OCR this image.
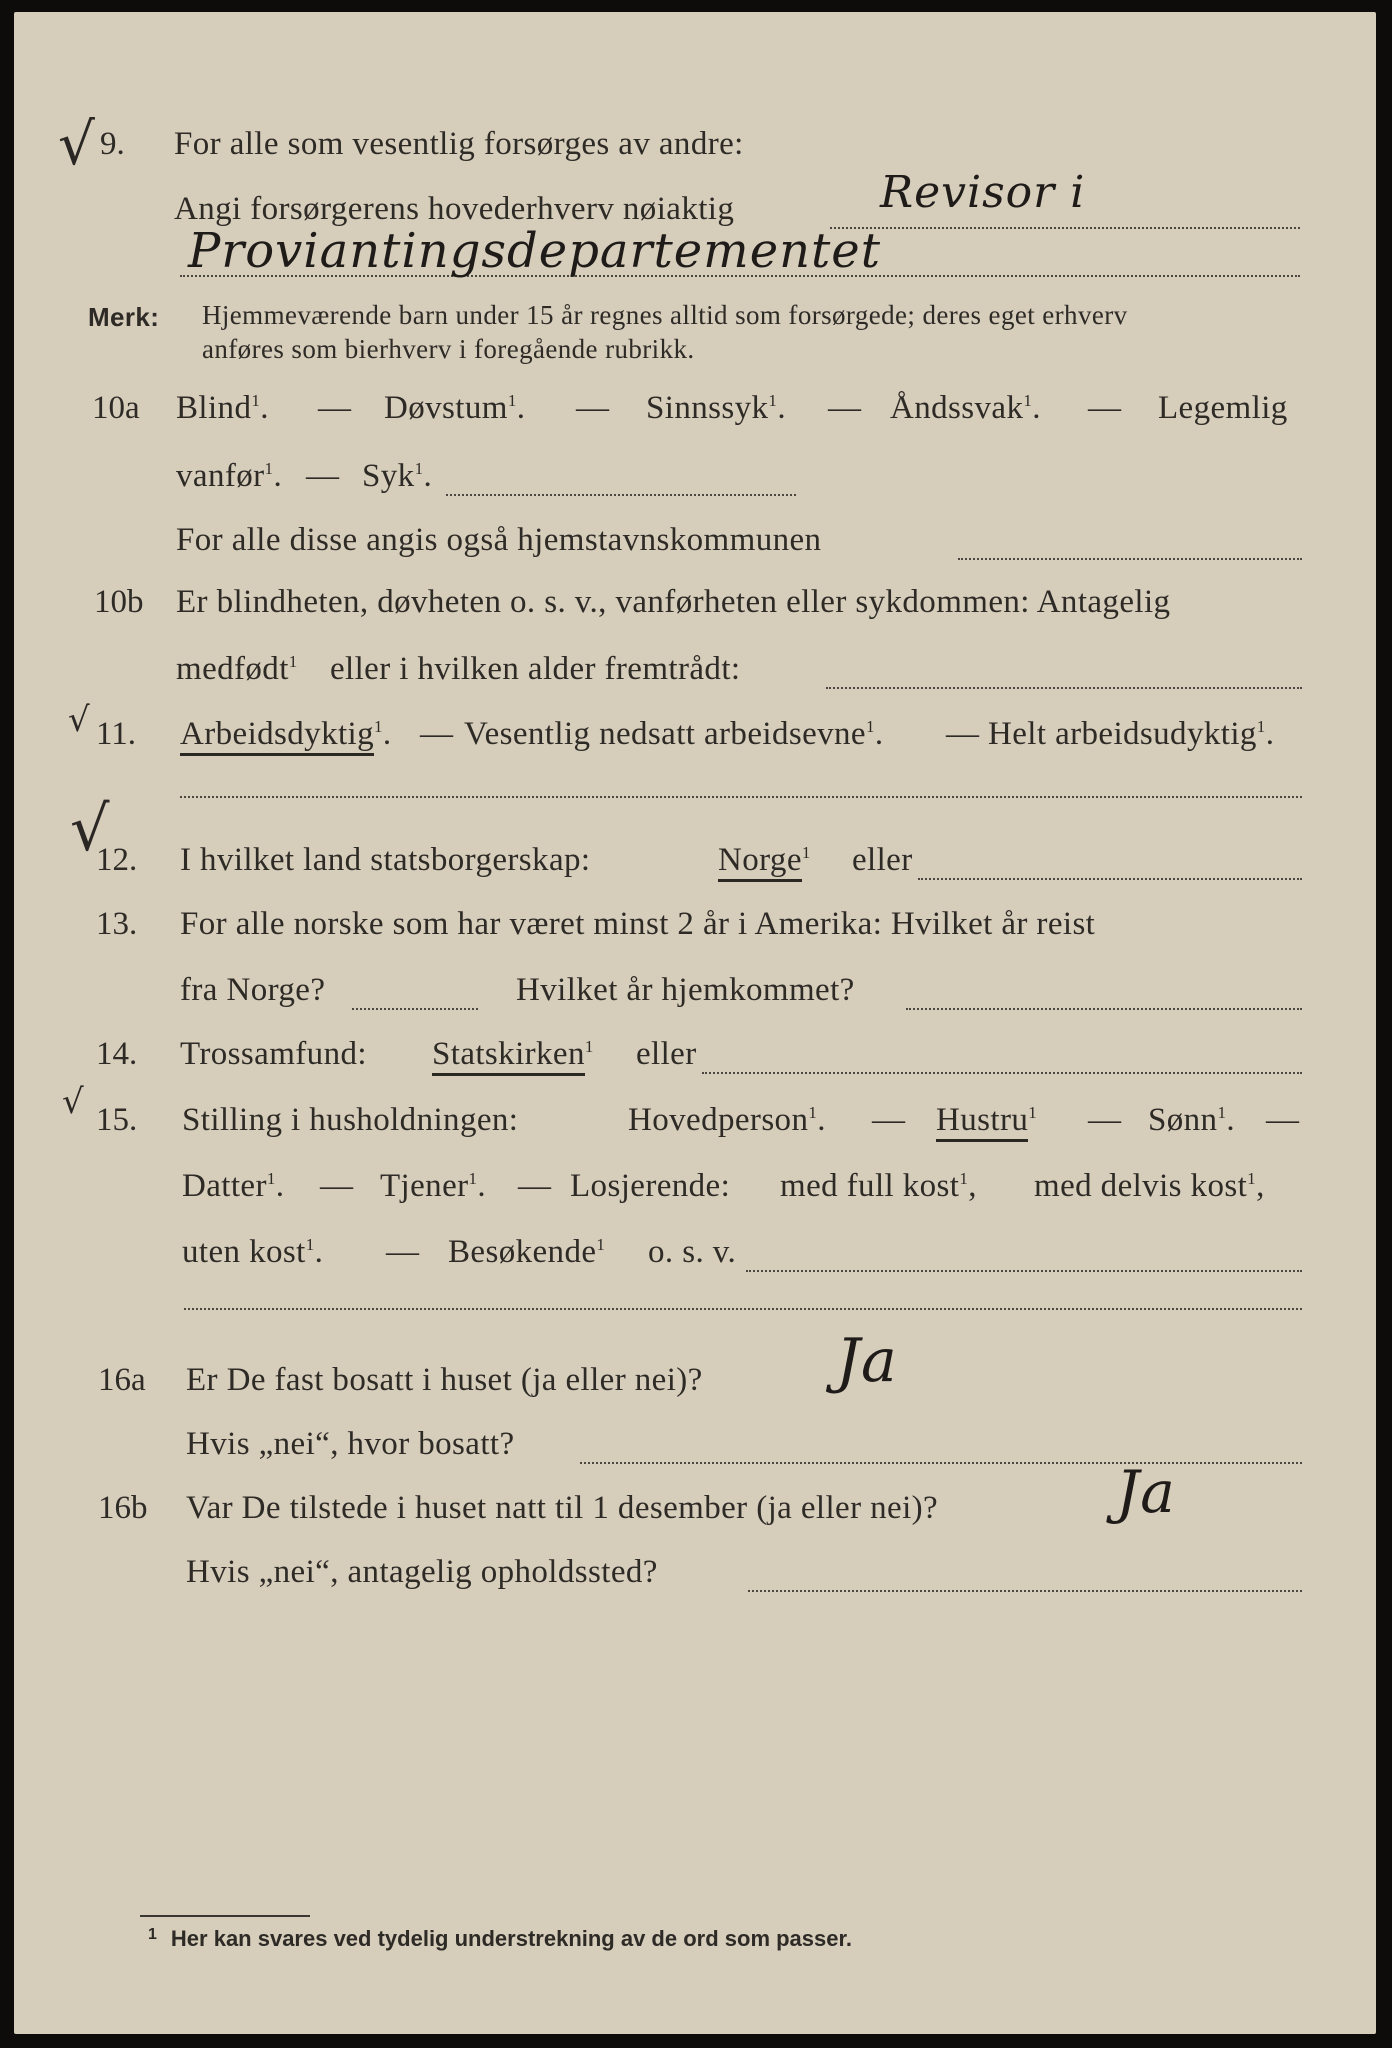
√ 9.	For alle som vesentlig forsørges av andre:
Angi forsørgerens hovederhverv nøiaktig	Revisor i
Proviantingsdepartementet
Merk: Hjemmeværende barn under 15 år regnes alltid som forsørgede; deres eget erhverv
anføres som bierhverv i foregående rubrikk.
10a	Blind$^1$. — Døvstum$^1$. — Sinnssyk$^1$. — Åndssvak$^1$. — Legemlig
vanfør$^1$. — Syk$^1$.
For alle disse angis også hjemstavnskommunen
10b Er blindheten, døvheten o. s. v., vanførheten eller sykdommen: Antagelig
medfødt$^1$ eller i hvilken alder fremtrådt:
√ 11.	Arbeidsdyktig$^1$. — Vesentlig nedsatt arbeidsevne$^1$. — Helt arbeidsudyktig$^1$.
√
12.	I hvilket land statsborgerskap:	Norge$^1$ eller
13.	For alle norske som har været minst 2 år i Amerika: Hvilket år reist
fra Norge?	Hvilket år hjemkommet?
14.	Trossamfund: Statskirken$^1$ eller
√ 15.	Stilling i husholdningen:	Hovedperson$^1$. — Hustru$^1$ — Sønn$^1$. —
Datter$^1$. — Tjener$^1$. — Losjerende: med full kost$^1$, med delvis kost$^1$,
uten kost$^1$. — Besøkende$^1$ o. s. v.
16a	Er De fast bosatt i huset (ja eller nei)? Ja
Hvis „nei“, hvor bosatt?
16b	Var De tilstede i huset natt til 1 desember (ja eller nei)?	Ja
Hvis „nei“, antagelig opholdssted?
$^1$ Her kan svares ved tydelig understrekning av de ord som passer.
